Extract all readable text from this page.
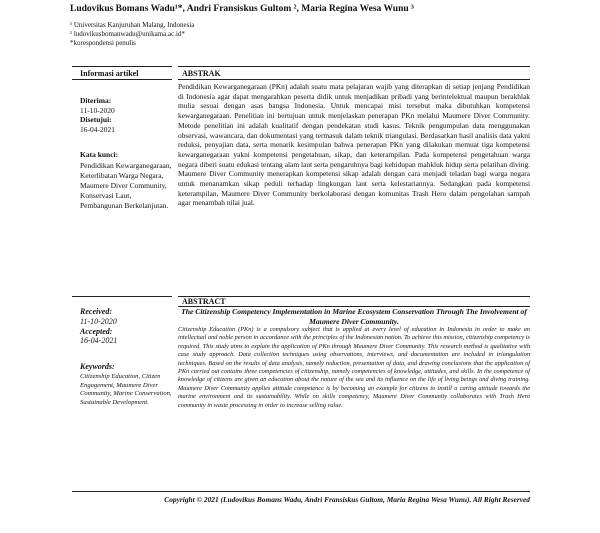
Ludovikus Bomans Wadu¹*, Andri Fransiskus Gultom ², Maria Regina Wesa Wunu ³
¹ Universitas Kanjuruhan Malang, Indonesia
¹ ludovikusbomanwadu@unikama.ac.id*
*korespondensi penulis
Informasi artikel	ABSTRAK
Diterima:
11-10-2020
Disetujui:
16-04-2021
Kata kunci:
Pendidikan Kewarganegaraan, Keterlibatan Warga Negara, Maumere Diver Community, Konservasi Laut, Pembangunan Berkelanjutan.
Pendidikan Kewarganegaraan (PKn) adalah suatu mata pelajaran wajib yang diterapkan di setiap jenjang Pendidikan di Indonesia agar dapat mengarahkan peserta didik untuk menjadikan pribadi yang berintelektual maupun berakhlak mulia sesuai dengan asas bangsa Indonesia. Untuk mencapai misi tersebut maka dibutuhkan kompetensi kewarganegaraan. Penelitian ini bertujuan untuk menjelaskan penerapan PKn melalui Maumere Diver Community. Metode penelitian ini adalah kualitatif dengan pendekatan studi kasus. Teknik pengumpulan data menggunakan observasi, wawancara, dan dokumentasi yang termasuk dalam teknik triangulasi. Berdasarkan hasil analisis data yakni reduksi, penyajian data, serta menarik kesimpulan bahwa penerapan PKn yang dilakukan memuat tiga kompetensi kewarganegaraan yakni kompetensi pengetahuan, sikap, dan keterampilan. Pada kompetensi pengetahuan warga negara diberi suatu edukasi tentang alam laut serta pengaruhnya bagi kehidupan mahkluk hidup serta pelatihan diving. Maumere Diver Community menerapkan kompetensi sikap adalah dengan cara menjadi teladan bagi warga negara untuk menanamkan sikap peduli terhadap lingkungan laut serta kelestariannya. Sedangkan pada kompetensi keterampilan, Maumere Diver Community berkolaborasi dengan komunitas Trash Hero dalam pengolahan sampah agar menambah nilai jual.
ABSTRACT
Received:
11-10-2020
Accepted:
16-04-2021
Keywords:
Citizenship Education, Citizen Engagement, Maumere Diver Community, Marine Conservation, Sustainable Development.
The Citizenship Competency Implementation in Marine Ecosystem Conservation Through The Involvement of Maumere Diver Community.
Citizenship Education (PKn) is a compulsory subject that is applied at every level of education in Indonesia in order to make an intellectual and noble person in accordance with the principles of the Indonesian nation. To achieve this mission, citizenship competency is required. This study aims to explain the application of PKn through Maumere Diver Community. This research method is qualitative with case study approach. Data collection techniques using observations, interviews, and documentation are included in triangulation techniques. Based on the results of data analysis, namely reduction, presentation of data, and drawing conclusions that the application of PKn carried out contains three competencies of citizenship, namely competencies of knowledge, attitudes, and skills. In the competence of knowledge of citizens are given an education about the nature of the sea and its influence on the life of living beings and diving training. Maumere Diver Community applies attitude competence is by becoming an example for citizens to instill a caring attitude towards the marine environment and its sustainability. While on skills competency, Maumere Diver Community collaborates with Trash Hero community in waste processing in order to increase selling value.
Copyright © 2021 (Ludovikus Bomans Wadu, Andri Fransiskus Gultom, Maria Regina Wesa Wunu). All Right Reserved
